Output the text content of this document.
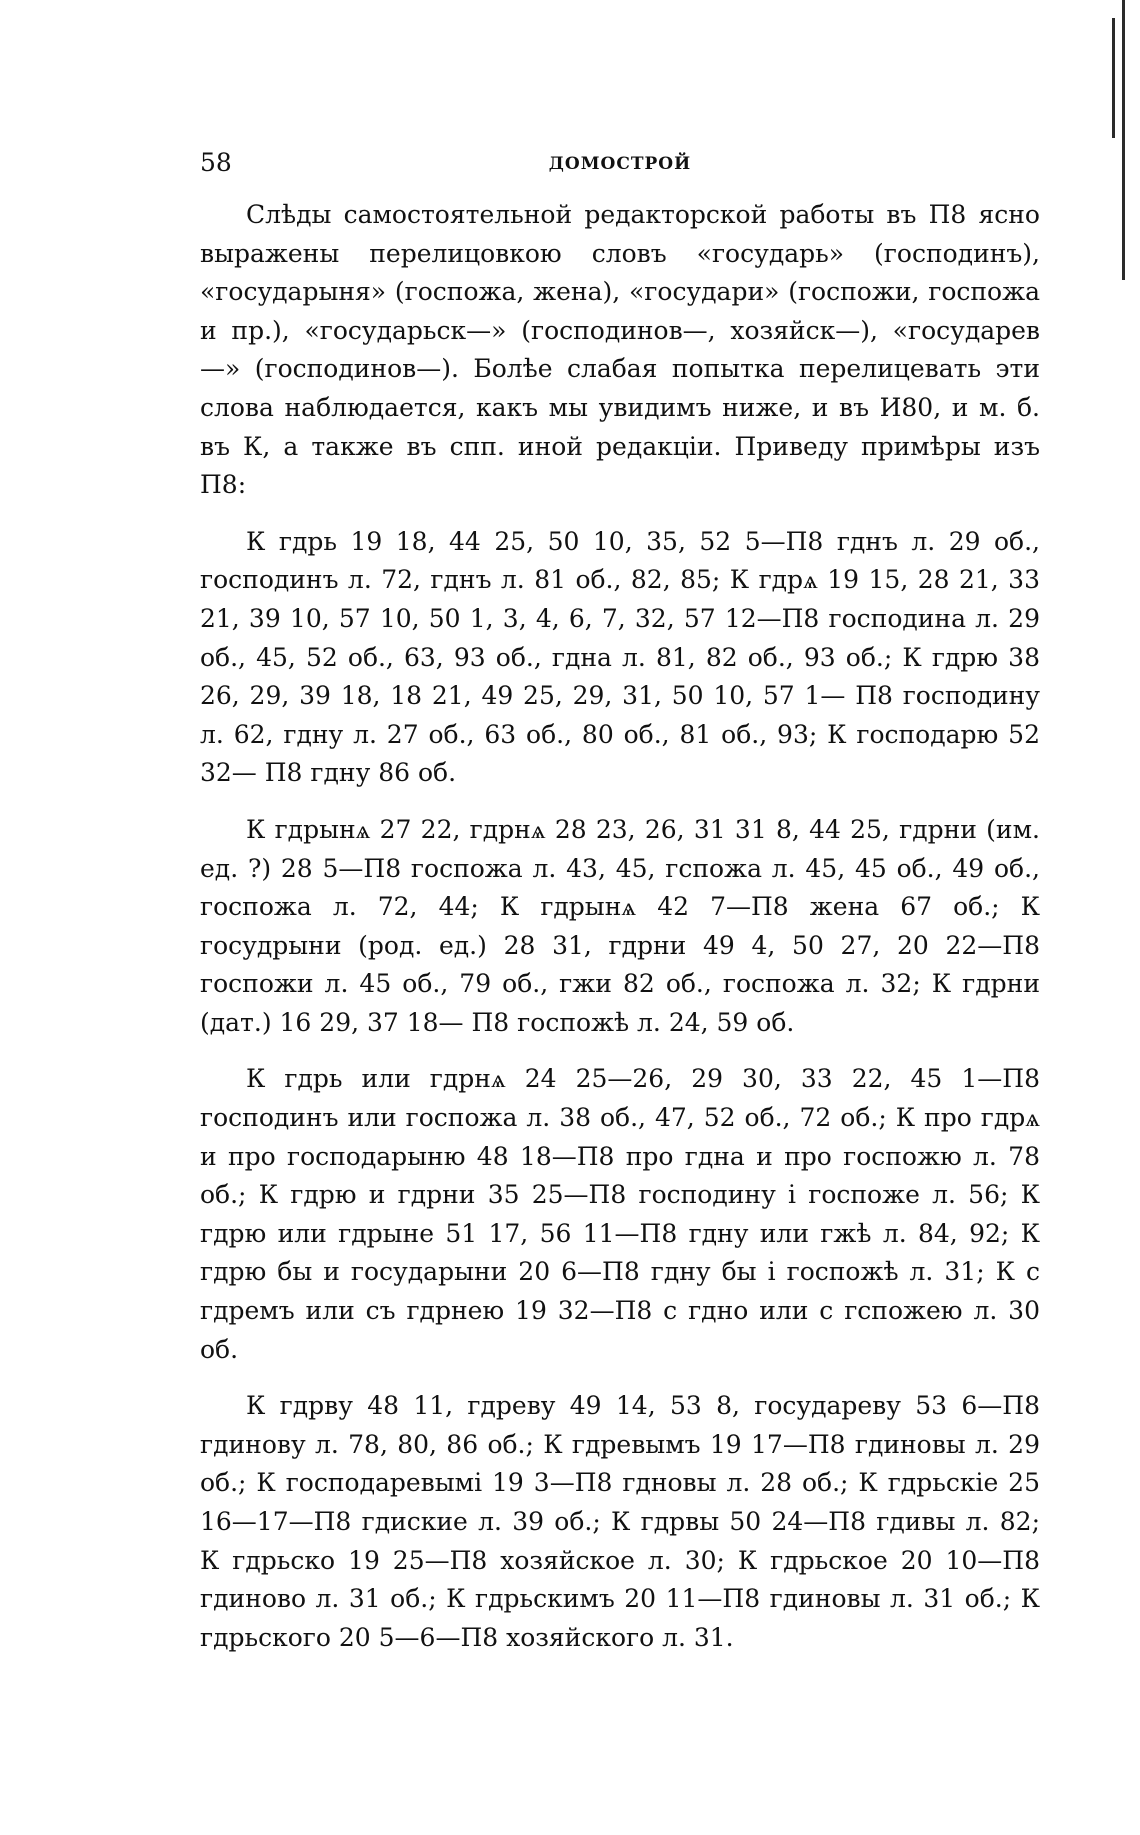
58	ДОМОСТРОЙ

Слѣды самостоятельной редакторской работы въ П8 ясно выражены перелицовкою словъ «государь» (господинъ), «государыня» (госпожа, жена), «государи» (госпожи, госпожа и пр.), «государьск—» (господинов—, хозяйск—), «государев—» (господинов—). Болѣе слабая попытка перелицевать эти слова наблюдается, какъ мы увидимъ ниже, и въ И80, и м. б. въ К, а также въ спп. иной редакціи. Приведу примѣры изъ П8:

К гдрь 19 18, 44 25, 50 10, 35, 52 5—П8 гднъ л. 29 об., господинъ л. 72, гднъ л. 81 об., 82, 85; К гдрѧ 19 15, 28 21, 33 21, 39 10, 57 10, 50 1, 3, 4, 6, 7, 32, 57 12—П8 господина л. 29 об., 45, 52 об., 63, 93 об., гдна л. 81, 82 об., 93 об.; К гдрю 38 26, 29, 39 18, 18 21, 49 25, 29, 31, 50 10, 57 1— П8 господину л. 62, гдну л. 27 об., 63 об., 80 об., 81 об., 93; К господарю 52 32— П8 гдну 86 об.

К гдрынѧ 27 22, гдрнѧ 28 23, 26, 31 31 8, 44 25, гдрни (им. ед. ?) 28 5—П8 госпожа л. 43, 45, гспожа л. 45, 45 об., 49 об., госпожа л. 72, 44; К гдрынѧ 42 7—П8 жена 67 об.; К госудрыни (род. ед.) 28 31, гдрни 49 4, 50 27, 20 22—П8 госпожи л. 45 об., 79 об., гжи 82 об., госпожа л. 32; К гдрни (дат.) 16 29, 37 18— П8 госпожѣ л. 24, 59 об.

К гдрь или гдрнѧ 24 25—26, 29 30, 33 22, 45 1—П8 господинъ или госпожа л. 38 об., 47, 52 об., 72 об.; К про гдрѧ и про господарыню 48 18—П8 про гдна и про госпожю л. 78 об.; К гдрю и гдрни 35 25—П8 господину і госпоже л. 56; К гдрю или гдрыне 51 17, 56 11—П8 гдну или гжѣ л. 84, 92; К гдрю бы и государыни 20 6—П8 гдну бы і госпожѣ л. 31; К с гдремъ или съ гдрнею 19 32—П8 с гдно или с гспожею л. 30 об.

К гдрву 48 11, гдреву 49 14, 53 8, государеву 53 6—П8 гдинову л. 78, 80, 86 об.; К гдревымъ 19 17—П8 гдиновы л. 29 об.; К господаревымі 19 3—П8 гдновы л. 28 об.; К гдрьскіе 25 16—17—П8 гдиские л. 39 об.; К гдрвы 50 24—П8 гдивы л. 82; К гдрьско 19 25—П8 хозяйское л. 30; К гдрьское 20 10—П8 гдиново л. 31 об.; К гдрьскимъ 20 11—П8 гдиновы л. 31 об.; К гдрьского 20 5—6—П8 хозяйского л. 31.
